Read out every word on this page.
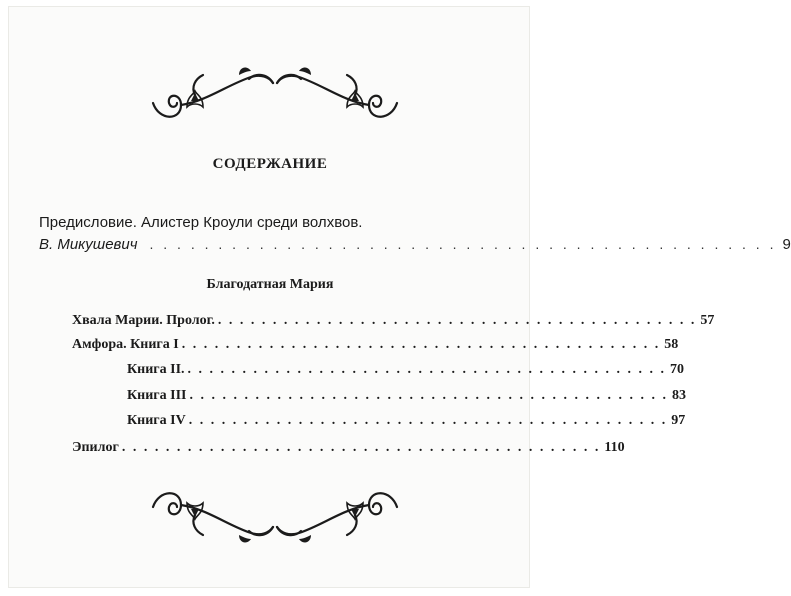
СОДЕРЖАНИЕ
Предисловие. Алистер Кроули среди волхвов.
В. Микушевич . . . . . . . . . . . . . . . . . . . . . . . . . . . . . . . . . . . . . . . . . . . . . . 9
Благодатная Мария
Хвала Марии. Пролог. . . . . . . . . . . . . . . . . . . . . . . . . . . . . . . . . . . . . . . . . . . . . 57
Амфора. Книга I . . . . . . . . . . . . . . . . . . . . . . . . . . . . . . . . . . . . . . . . . . . . 58
Книга II. . . . . . . . . . . . . . . . . . . . . . . . . . . . . . . . . . . . . . . . . . . . . 70
Книга III . . . . . . . . . . . . . . . . . . . . . . . . . . . . . . . . . . . . . . . . . . . . 83
Книга IV . . . . . . . . . . . . . . . . . . . . . . . . . . . . . . . . . . . . . . . . . . . . 97
Эпилог . . . . . . . . . . . . . . . . . . . . . . . . . . . . . . . . . . . . . . . . . . . . 110
